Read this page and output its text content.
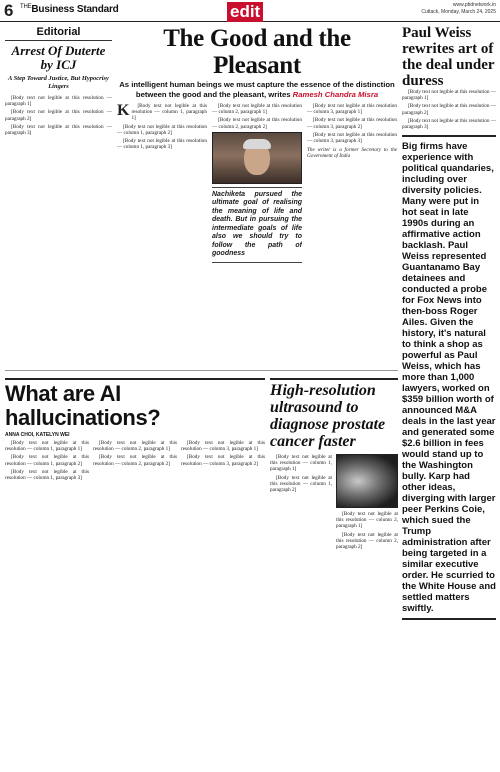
6 $^{THE}$Business Standard	edit	www.pbdnetwork.in
Cuttack, Monday, March 24, 2025
Editorial
Arrest Of Duterte by ICJ
A Step Toward Justice, But Hypocrisy Lingers

[Body text not legible at this resolution — paragraph 1]

[Body text not legible at this resolution — paragraph 2]

[Body text not legible at this resolution — paragraph 3]

The Good and the Pleasant
As intelligent human beings we must capture the essence of the distinction between the good and the pleasant, writes Ramesh Chandra Misra
K	[Body text not legible at this resolution — column 1, paragraph 1]

[Body text not legible at this resolution — column 1, paragraph 2]

[Body text not legible at this resolution — column 1, paragraph 3]

[Body text not legible at this resolution — column 2, paragraph 1]

[Body text not legible at this resolution — column 2, paragraph 2]

Nachiketa pursued the ultimate goal of realising the meaning of life and death. But in pursuing the intermediate goals of life also we should try to follow the path of goodness

[Body text not legible at this resolution — column 3, paragraph 1]

[Body text not legible at this resolution — column 3, paragraph 2]

[Body text not legible at this resolution — column 3, paragraph 3]

The writer is a former Secretary to the Government of India

Paul Weiss rewrites art of the deal under duress

[Body text not legible at this resolution — paragraph 1]

[Body text not legible at this resolution — paragraph 2]

[Body text not legible at this resolution — paragraph 3]

Big firms have experience with political quandaries, including over diversity policies. Many were put in hot seat in late 1990s during an affirmative action backlash. Paul Weiss represented Guantanamo Bay detainees and conducted a probe for Fox News into then-boss Roger Ailes. Given the history, it's natural to think a shop as powerful as Paul Weiss, which has more than 1,000 lawyers, worked on $359 billion worth of announced M&A deals in the last year and generated some $2.6 billion in fees would stand up to the Washington bully. Karp had other ideas, diverging with larger peer Perkins Coie, which sued the Trump administration after being targeted in a similar executive order. He scurried to the White House and settled matters swiftly.
What are AI hallucinations?
ANNA CHOI, KATELYN WEI

[Body text not legible at this resolution — column 1, paragraph 1]

[Body text not legible at this resolution — column 1, paragraph 2]

[Body text not legible at this resolution — column 1, paragraph 3]

[Body text not legible at this resolution — column 2, paragraph 1]

[Body text not legible at this resolution — column 2, paragraph 2]

[Body text not legible at this resolution — column 3, paragraph 1]

[Body text not legible at this resolution — column 3, paragraph 2]

High-resolution ultrasound to diagnose prostate cancer faster

[Body text not legible at this resolution — column 1, paragraph 1]

[Body text not legible at this resolution — column 1, paragraph 2]

[Body text not legible at this resolution — column 2, paragraph 1]

[Body text not legible at this resolution — column 2, paragraph 2]
